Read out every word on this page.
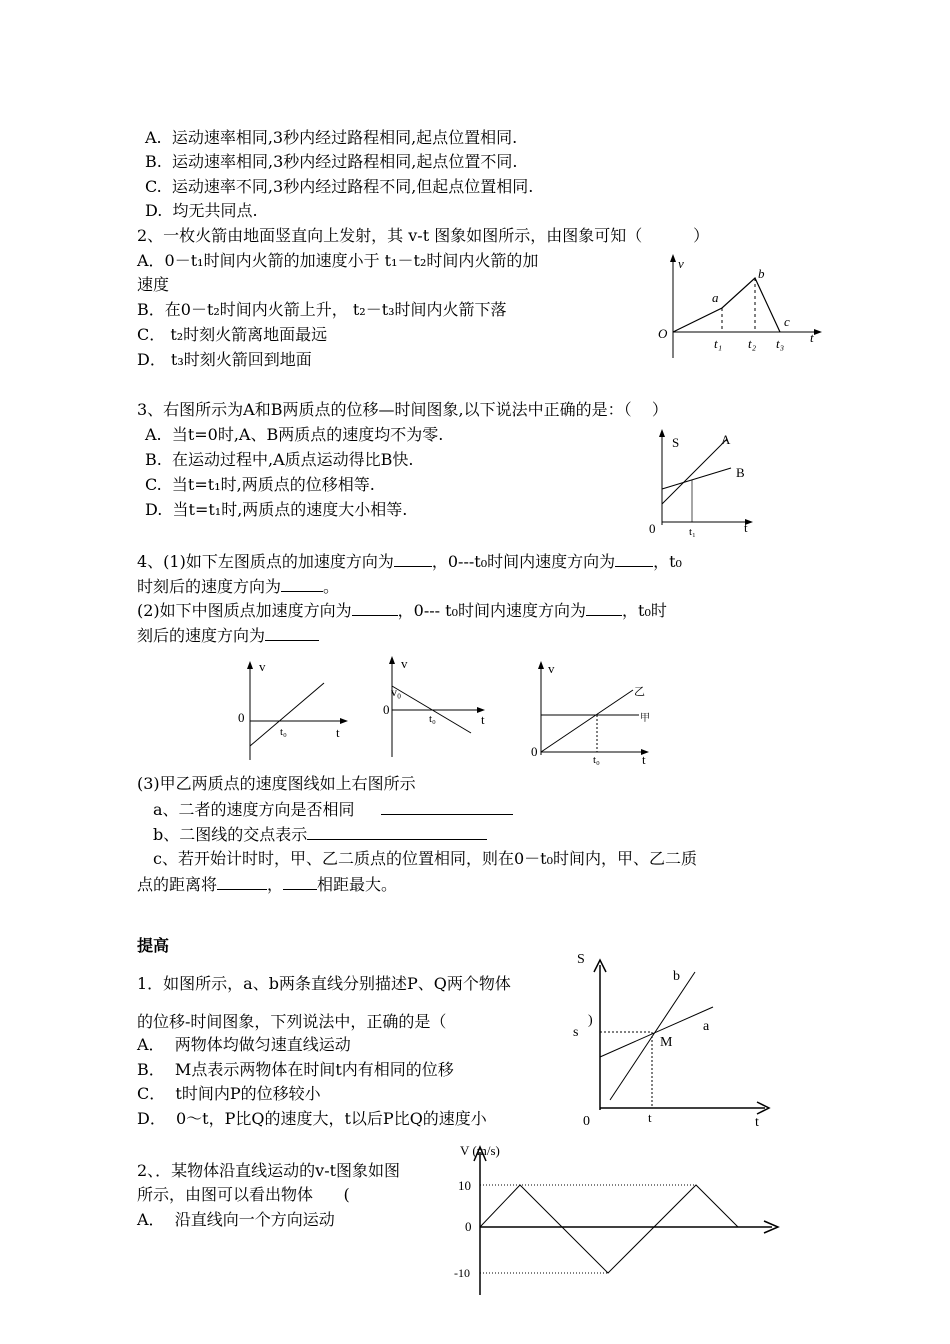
A.  运动速率相同,3秒内经过路程相同,起点位置相同.
B.  运动速率相同,3秒内经过路程相同,起点位置不同.
C.  运动速率不同,3秒内经过路程不同,但起点位置相同.
D.  均无共同点.
2、一枚火箭由地面竖直向上发射，其 v-t 图象如图所示，由图象可知（          ）
A．0－t₁时间内火箭的加速度小于 t₁－t₂时间内火箭的加
速度
B．在0－t₂时间内火箭上升， t₂－t₃时间内火箭下落
C． t₂时刻火箭离地面最远
D． t₃时刻火箭回到地面
v
O
a
b
c
t
t₁ t₂ t₃
3、右图所示为A和B两质点的位移—时间图象,以下说法中正确的是：（    ）
A.  当t=0时,A、B两质点的速度均不为零.
B.  在运动过程中,A质点运动得比B快.
C.  当t=t₁时,两质点的位移相等.
D.  当t=t₁时,两质点的速度大小相等.
S	A
B
0	t₁	t
4、(1)如下左图质点的加速度方向为 ，0---t₀时间内速度方向为 ，t₀
时刻后的速度方向为	。
(2)如下中图质点加速度方向为	，0--- t₀时间内速度方向为 ，t₀时
刻后的速度方向为
v
0
t₀	t
v
v₀
0
t₀	t
v
乙
甲
0
t₀	t
(3)甲乙两质点的速度图线如上右图所示
a、二者的速度方向是否相同
b、二图线的交点表示
c、若开始计时时，甲、乙二质点的位置相同，则在0－t₀时间内，甲、乙二质
点的距离将	， 相距最大。
提高
1．如图所示，a、b两条直线分别描述P、Q两个物体
的位移-时间图象，下列说法中，正确的是（
A．  两物体均做匀速直线运动
B．  M点表示两物体在时间t内有相同的位移
C．  t时间内P的位移较小
D．  0～t，P比Q的速度大，t以后P比Q的速度小
S
b
a
s
)
M
0	t	t
2、．某物体沿直线运动的v-t图象如图
所示，由图可以看出物体      (
A．  沿直线向一个方向运动
V (m/s)
10
0
-10
